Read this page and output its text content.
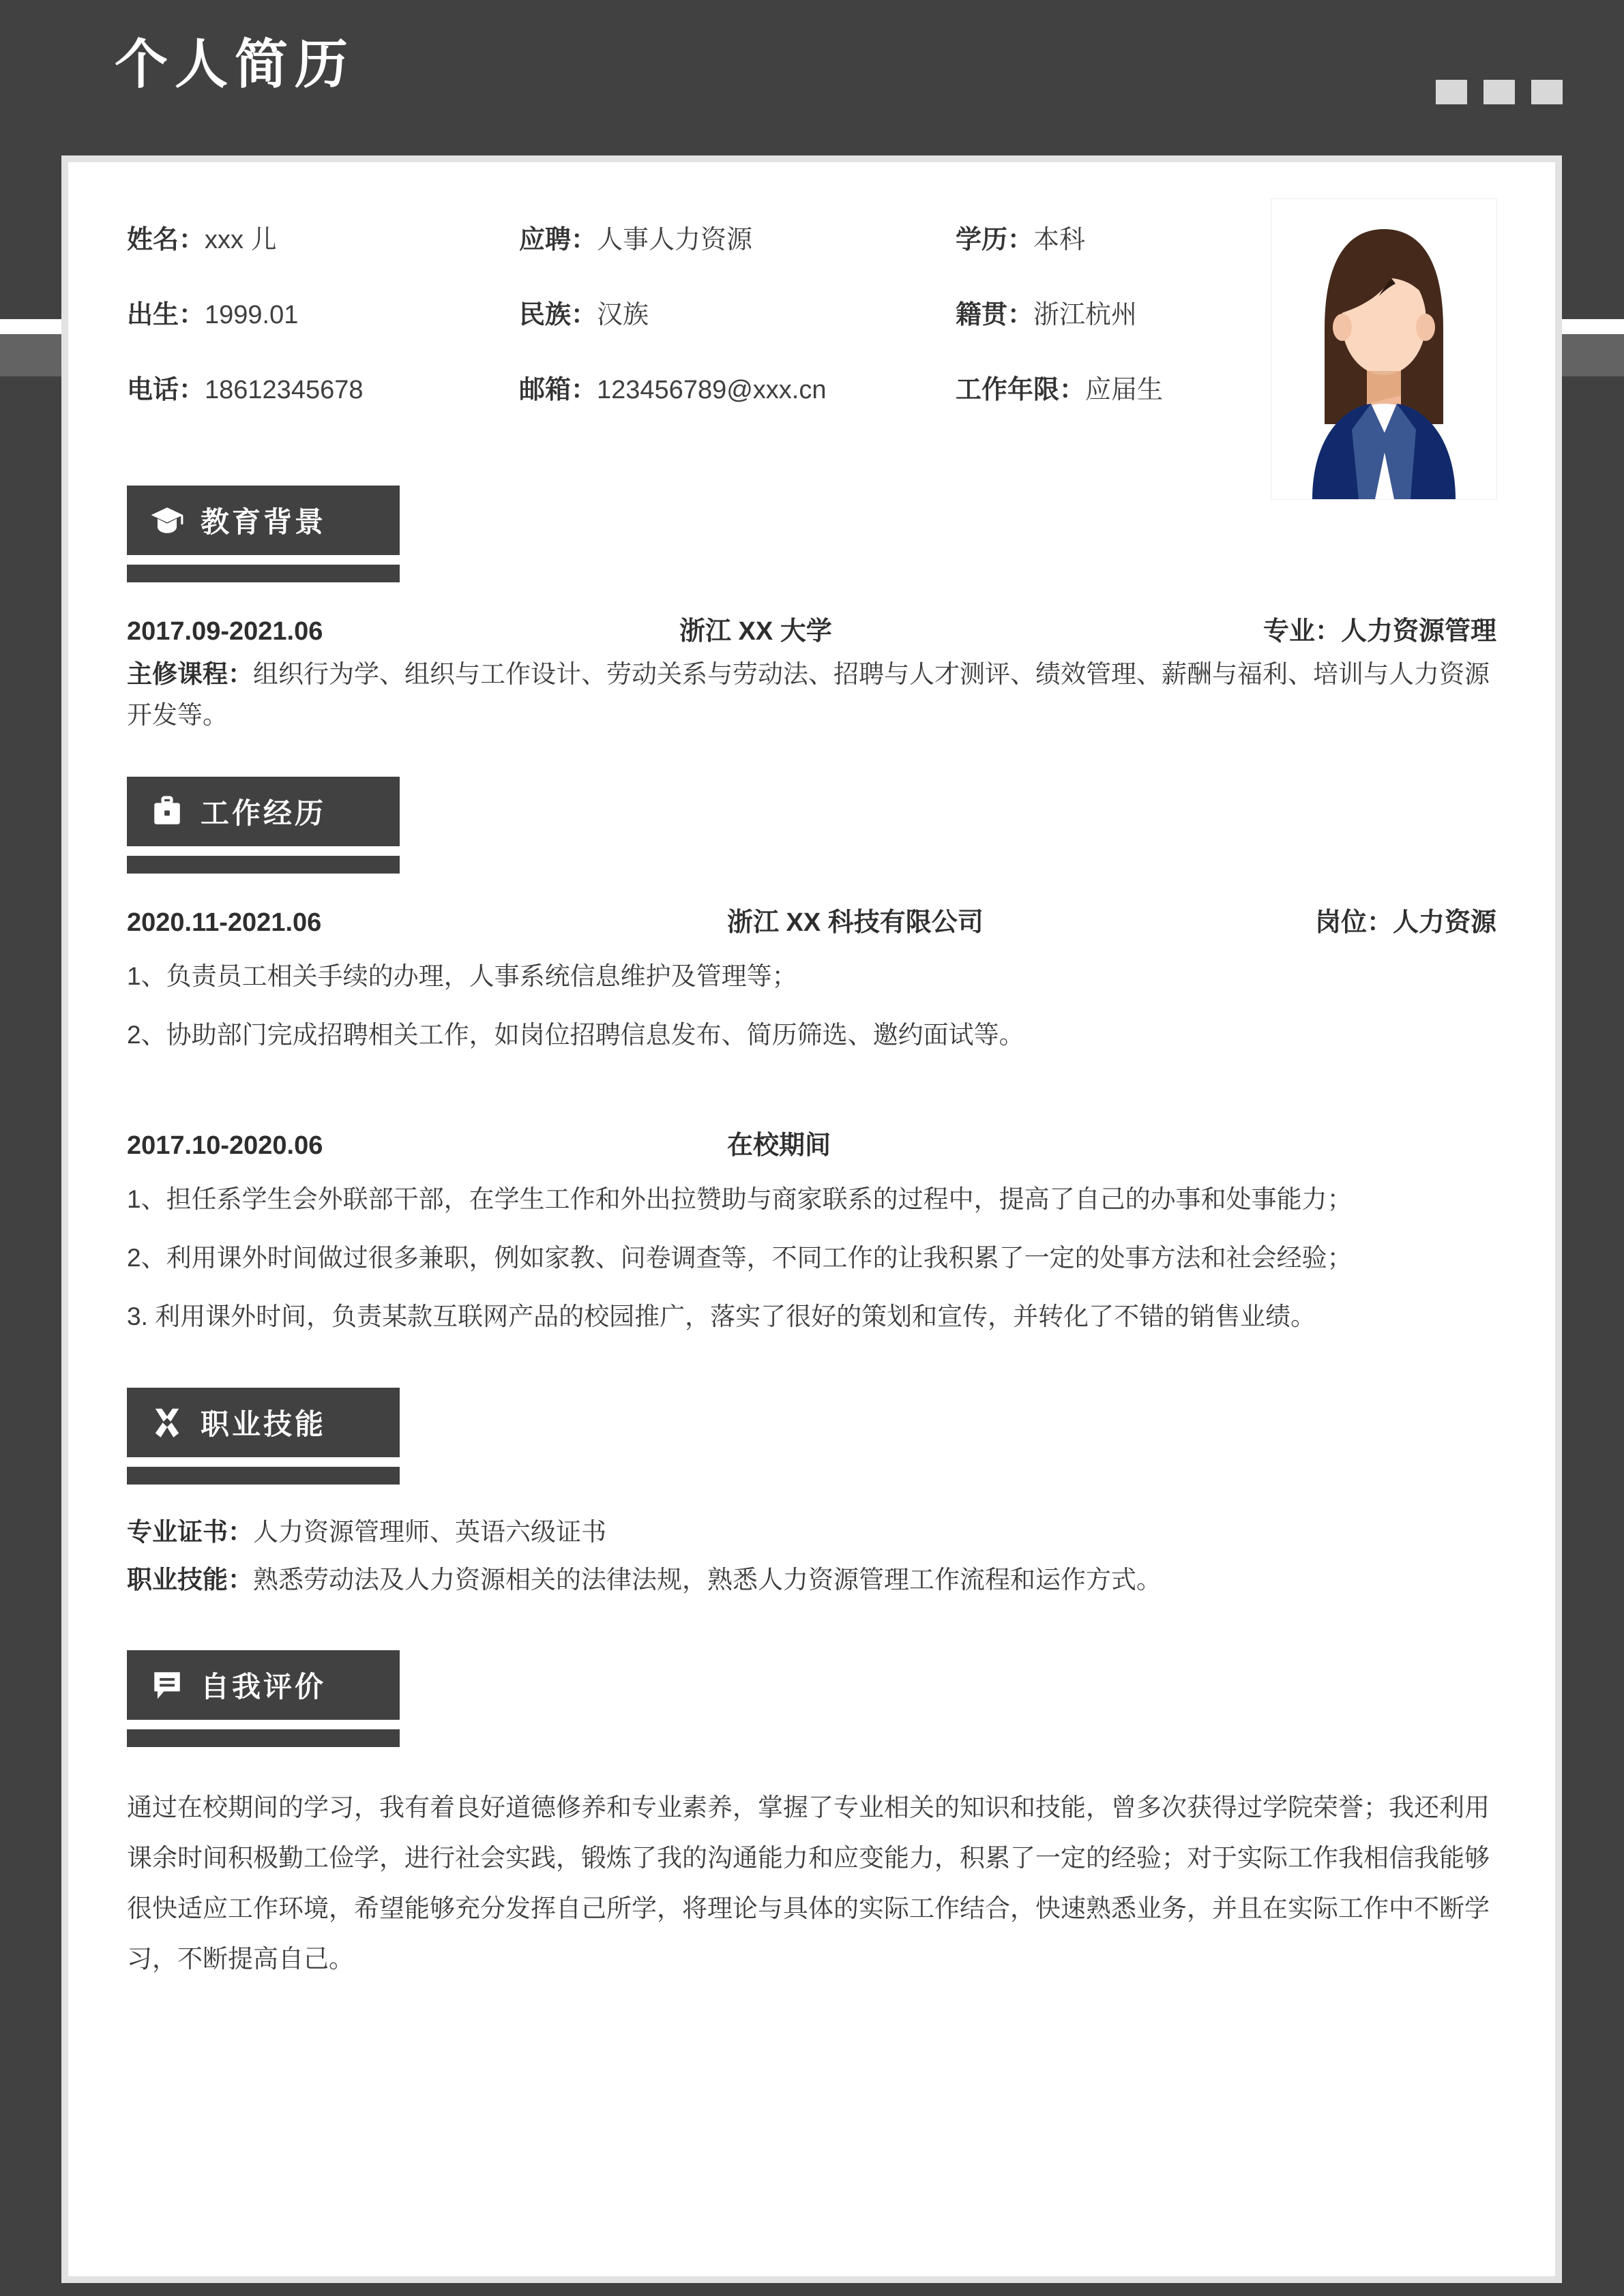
个人简历
姓名：xxx 儿	应聘：人事人力资源	学历：本科
出生：1999.01	民族：汉族	籍贯：浙江杭州
电话：18612345678	邮箱：123456789@xxx.cn	工作年限：应届生
教育背景
2017.09-2021.06	浙江 XX 大学	专业：人力资源管理
主修课程：组织行为学、组织与工作设计、劳动关系与劳动法、招聘与人才测评、绩效管理、薪酬与福利、培训与人力资源开发等。
工作经历
2020.11-2021.06	浙江 XX 科技有限公司	岗位：人力资源
1、负责员工相关手续的办理，人事系统信息维护及管理等；
2、协助部门完成招聘相关工作，如岗位招聘信息发布、简历筛选、邀约面试等。
2017.10-2020.06	在校期间
1、担任系学生会外联部干部，在学生工作和外出拉赞助与商家联系的过程中，提高了自己的办事和处事能力；
2、利用课外时间做过很多兼职，例如家教、问卷调查等，不同工作的让我积累了一定的处事方法和社会经验；
3. 利用课外时间，负责某款互联网产品的校园推广，落实了很好的策划和宣传，并转化了不错的销售业绩。
职业技能
专业证书：人力资源管理师、英语六级证书
职业技能：熟悉劳动法及人力资源相关的法律法规，熟悉人力资源管理工作流程和运作方式。
自我评价
通过在校期间的学习，我有着良好道德修养和专业素养，掌握了专业相关的知识和技能，曾多次获得过学院荣誉；我还利用课余时间积极勤工俭学，进行社会实践，锻炼了我的沟通能力和应变能力，积累了一定的经验；对于实际工作我相信我能够很快适应工作环境，希望能够充分发挥自己所学，将理论与具体的实际工作结合，快速熟悉业务，并且在实际工作中不断学习，不断提高自己。
